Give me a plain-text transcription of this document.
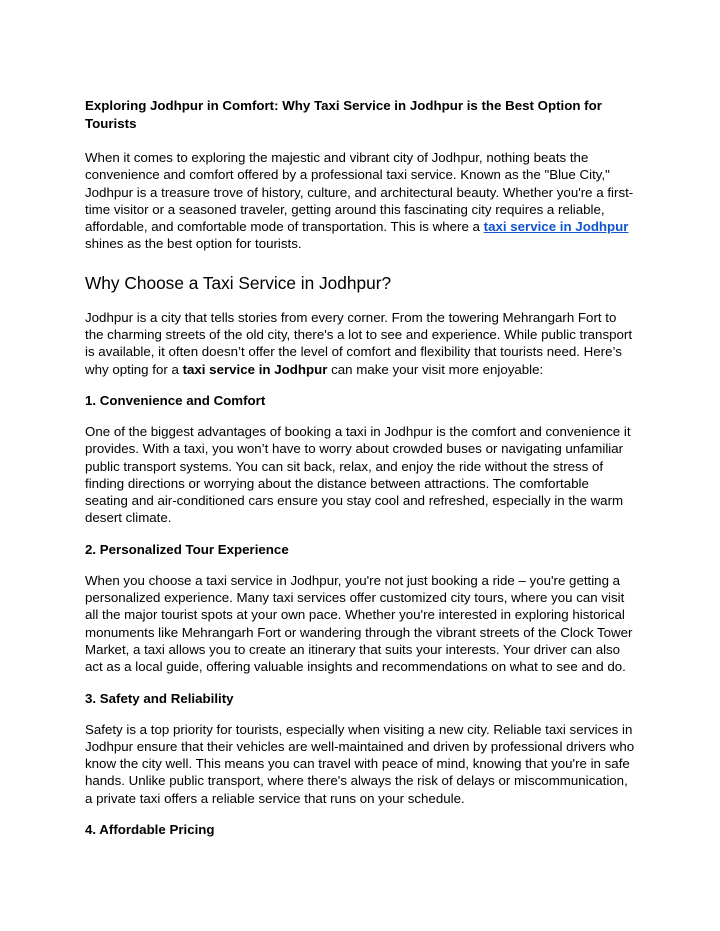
Exploring Jodhpur in Comfort: Why Taxi Service in Jodhpur is the Best Option for Tourists

When it comes to exploring the majestic and vibrant city of Jodhpur, nothing beats the convenience and comfort offered by a professional taxi service. Known as the "Blue City," Jodhpur is a treasure trove of history, culture, and architectural beauty. Whether you're a first-time visitor or a seasoned traveler, getting around this fascinating city requires a reliable, affordable, and comfortable mode of transportation. This is where a taxi service in Jodhpur shines as the best option for tourists.

Why Choose a Taxi Service in Jodhpur?

Jodhpur is a city that tells stories from every corner. From the towering Mehrangarh Fort to the charming streets of the old city, there's a lot to see and experience. While public transport is available, it often doesn’t offer the level of comfort and flexibility that tourists need. Here’s why opting for a taxi service in Jodhpur can make your visit more enjoyable:

1. Convenience and Comfort

One of the biggest advantages of booking a taxi in Jodhpur is the comfort and convenience it provides. With a taxi, you won’t have to worry about crowded buses or navigating unfamiliar public transport systems. You can sit back, relax, and enjoy the ride without the stress of finding directions or worrying about the distance between attractions. The comfortable seating and air-conditioned cars ensure you stay cool and refreshed, especially in the warm desert climate.

2. Personalized Tour Experience

When you choose a taxi service in Jodhpur, you're not just booking a ride – you're getting a personalized experience. Many taxi services offer customized city tours, where you can visit all the major tourist spots at your own pace. Whether you're interested in exploring historical monuments like Mehrangarh Fort or wandering through the vibrant streets of the Clock Tower Market, a taxi allows you to create an itinerary that suits your interests. Your driver can also act as a local guide, offering valuable insights and recommendations on what to see and do.

3. Safety and Reliability

Safety is a top priority for tourists, especially when visiting a new city. Reliable taxi services in Jodhpur ensure that their vehicles are well-maintained and driven by professional drivers who know the city well. This means you can travel with peace of mind, knowing that you're in safe hands. Unlike public transport, where there's always the risk of delays or miscommunication, a private taxi offers a reliable service that runs on your schedule.

4. Affordable Pricing
